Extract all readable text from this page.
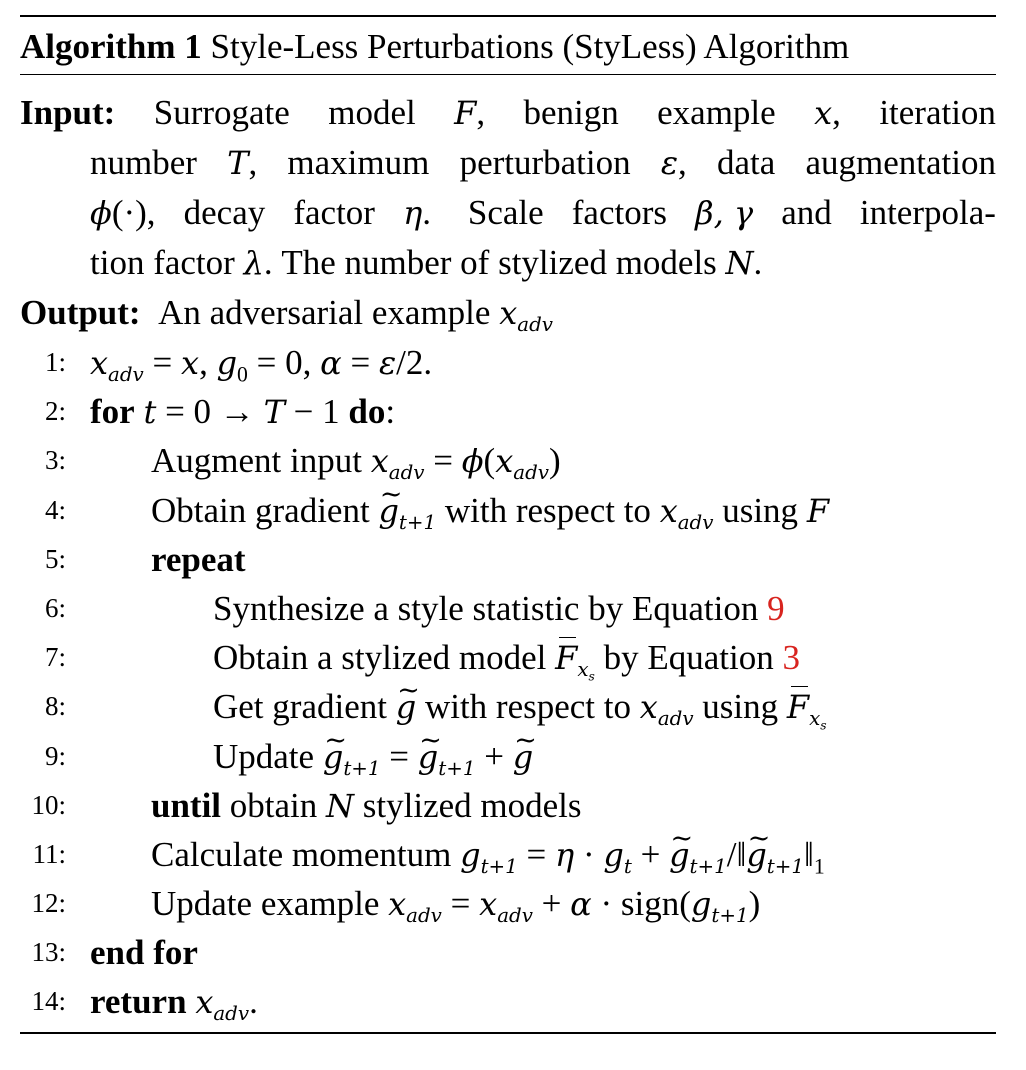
Algorithm 1 Style-Less Perturbations (StyLess) Algorithm
Input: Surrogate model F, benign example x, iteration
number T, maximum perturbation ε, data augmentation
ϕ(·), decay factor η. Scale factors β, γ and interpola-
tion factor λ. The number of stylized models N.
Output:  An adversarial example $x_{adv}$
1: $x_{adv} = x$, $g_0 = 0$, α = ε/2.
2: for t = 0 → T − 1 do:
3: Augment input $x_{adv} = \phi(x_{adv})$
4: Obtain gradient ~ $g_{t+1}$ with respect to $x_{adv}$ using F
5: repeat
6:	Synthesize a style statistic by Equation 9
7:	Obtain a stylized model $F_{x_s}$ by Equation 3
8:	Get gradient ~ g with respect to $x_{adv}$ using $F_{x_s}$
9:	Update ~ $g_{t+1}$ = ~ $g_{t+1}$ + ~ g
10: until obtain N stylized models
11: Calculate momentum $g_{t+1} = \eta \cdot g_t$ + ~ $g_{t+1}/‖\sim$ $g_{t+1}‖_1$
12: Update example $x_{adv} = x_{adv} + \alpha$ · $sign(g_{t+1})$
13: end for
14: return $x_{adv}$.
